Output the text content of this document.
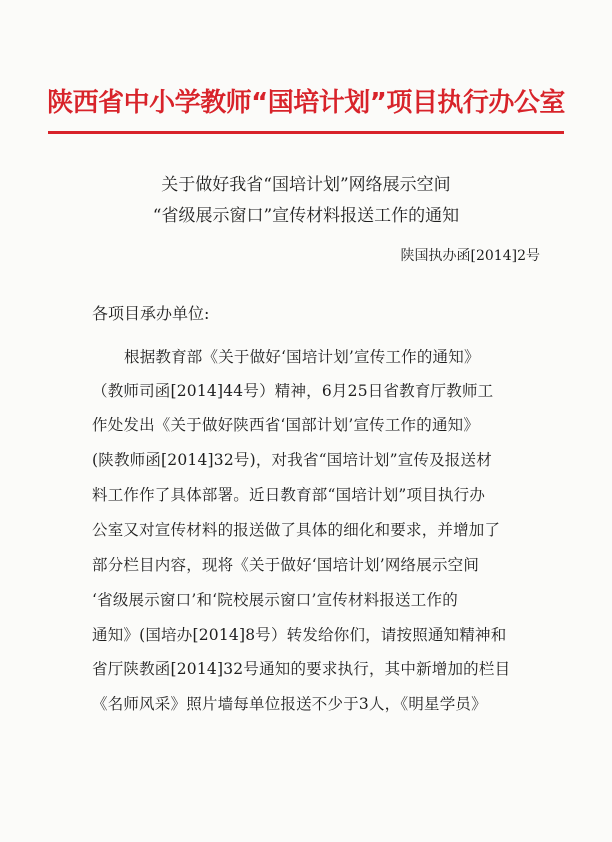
陕西省中小学教师“国培计划”项目执行办公室
关于做好我省“国培计划”网络展示空间
“省级展示窗口”宣传材料报送工作的通知
陕国执办函[2014]2号
各项目承办单位:
根据教育部《关于做好‘国培计划’宣传工作的通知》
（教师司函[2014]44号）精神，6月25日省教育厅教师工
作处发出《关于做好陕西省‘国部计划’宣传工作的通知》
(陕教师函[2014]32号)，对我省“国培计划”宣传及报送材
料工作作了具体部署。近日教育部“国培计划”项目执行办
公室又对宣传材料的报送做了具体的细化和要求，并增加了
部分栏目内容，现将《关于做好‘国培计划’网络展示空间
‘省级展示窗口’和‘院校展示窗口’宣传材料报送工作的
通知》(国培办[2014]8号）转发给你们，请按照通知精神和
省厅陕教函[2014]32号通知的要求执行，其中新增加的栏目
《名师风采》照片墙每单位报送不少于3人，《明星学员》
